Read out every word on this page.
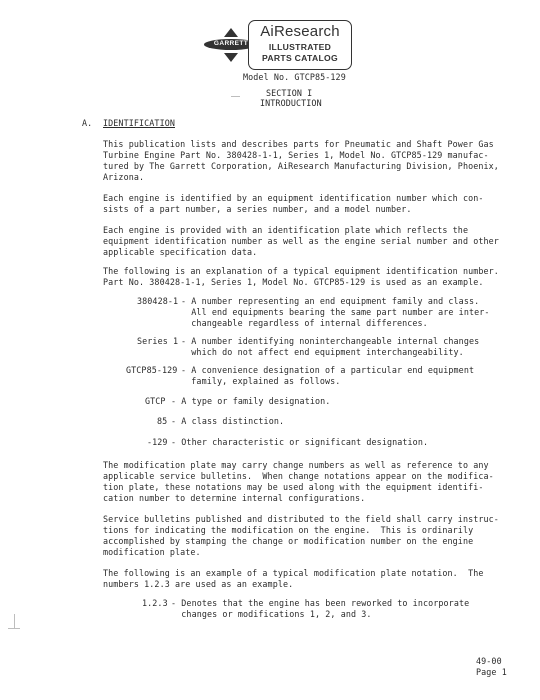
GARRETT
AiResearch
ILLUSTRATED
PARTS CATALOG
Model No. GTCP85-129
SECTION I
INTRODUCTION
A. IDENTIFICATION
This publication lists and describes parts for Pneumatic and Shaft Power Gas
Turbine Engine Part No. 380428-1-1, Series 1, Model No. GTCP85-129 manufac-
tured by The Garrett Corporation, AiResearch Manufacturing Division, Phoenix,
Arizona.
Each engine is identified by an equipment identification number which con-
sists of a part number, a series number, and a model number.
Each engine is provided with an identification plate which reflects the
equipment identification number as well as the engine serial number and other
applicable specification data.
The following is an explanation of a typical equipment identification number.
Part No. 380428-1-1, Series 1, Model No. GTCP85-129 is used as an example.
380428-1 - A number representing an end equipment family and class.
All end equipments bearing the same part number are inter-
changeable regardless of internal differences.
Series 1 - A number identifying noninterchangeable internal changes
which do not affect end equipment interchangeability.
GTCP85-129 - A convenience designation of a particular end equipment
family, explained as follows.
GTCP - A type or family designation.
85 - A class distinction.
-129 - Other characteristic or significant designation.
The modification plate may carry change numbers as well as reference to any
applicable service bulletins.  When change notations appear on the modifica-
tion plate, these notations may be used along with the equipment identifi-
cation number to determine internal configurations.
Service bulletins published and distributed to the field shall carry instruc-
tions for indicating the modification on the engine.  This is ordinarily
accomplished by stamping the change or modification number on the engine
modification plate.
The following is an example of a typical modification plate notation.  The
numbers 1.2.3 are used as an example.
1.2.3 - Denotes that the engine has been reworked to incorporate
changes or modifications 1, 2, and 3.
49-00
Page 1
